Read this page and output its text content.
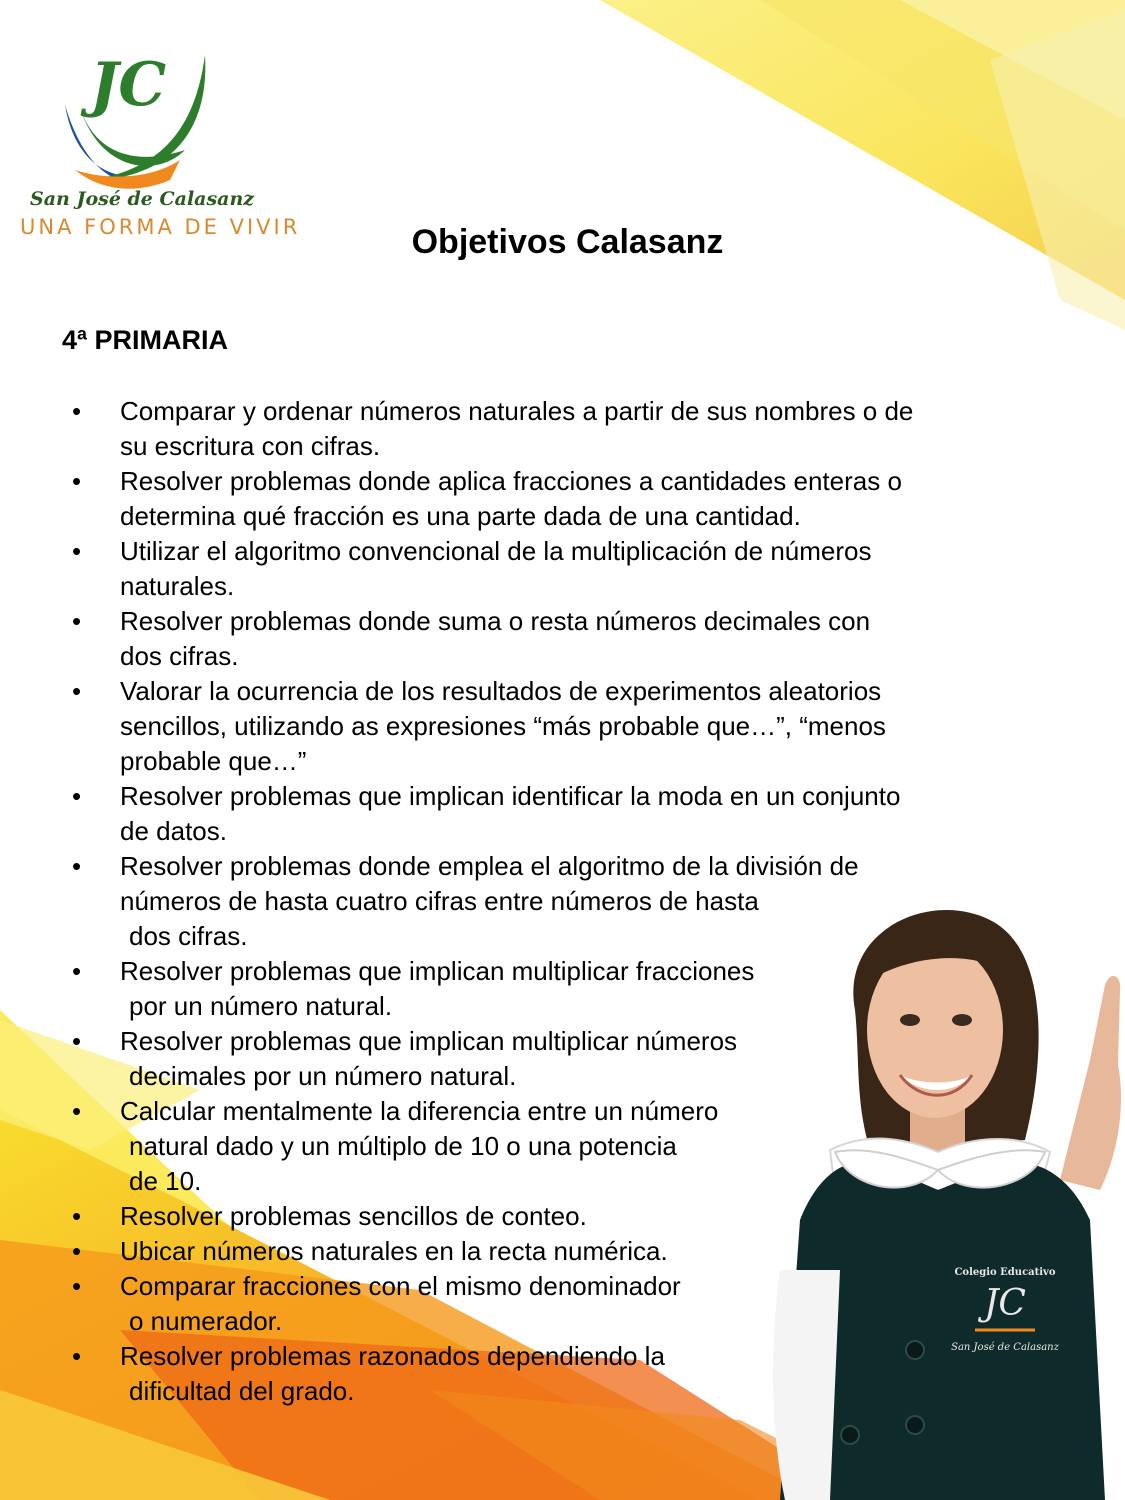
JC
San José de Calasanz
UNA FORMA DE VIVIR	Objetivos Calasanz
4ª PRIMARIA
• Comparar y ordenar números naturales a partir de sus nombres o de
su escritura con cifras.
• Resolver problemas donde aplica fracciones a cantidades enteras o
determina qué fracción es una parte dada de una cantidad.
• Utilizar el algoritmo convencional de la multiplicación de números
naturales.
• Resolver problemas donde suma o resta números decimales con
dos cifras.
• Valorar la ocurrencia de los resultados de experimentos aleatorios
sencillos, utilizando as expresiones “más probable que…”, “menos
probable que…”
• Resolver problemas que implican identificar la moda en un conjunto
de datos.
• Resolver problemas donde emplea el algoritmo de la división de
números de hasta cuatro cifras entre números de hasta
dos cifras.
• Resolver problemas que implican multiplicar fracciones
por un número natural.
• Resolver problemas que implican multiplicar números
decimales por un número natural.
• Calcular mentalmente la diferencia entre un número
natural dado y un múltiplo de 10 o una potencia
de 10.
• Resolver problemas sencillos de conteo.
• Ubicar números naturales en la recta numérica.
• Comparar fracciones con el mismo denominador
o numerador.
• Resolver problemas razonados dependiendo la
dificultad del grado.
Colegio Educativo
JC
San José de Calasanz
